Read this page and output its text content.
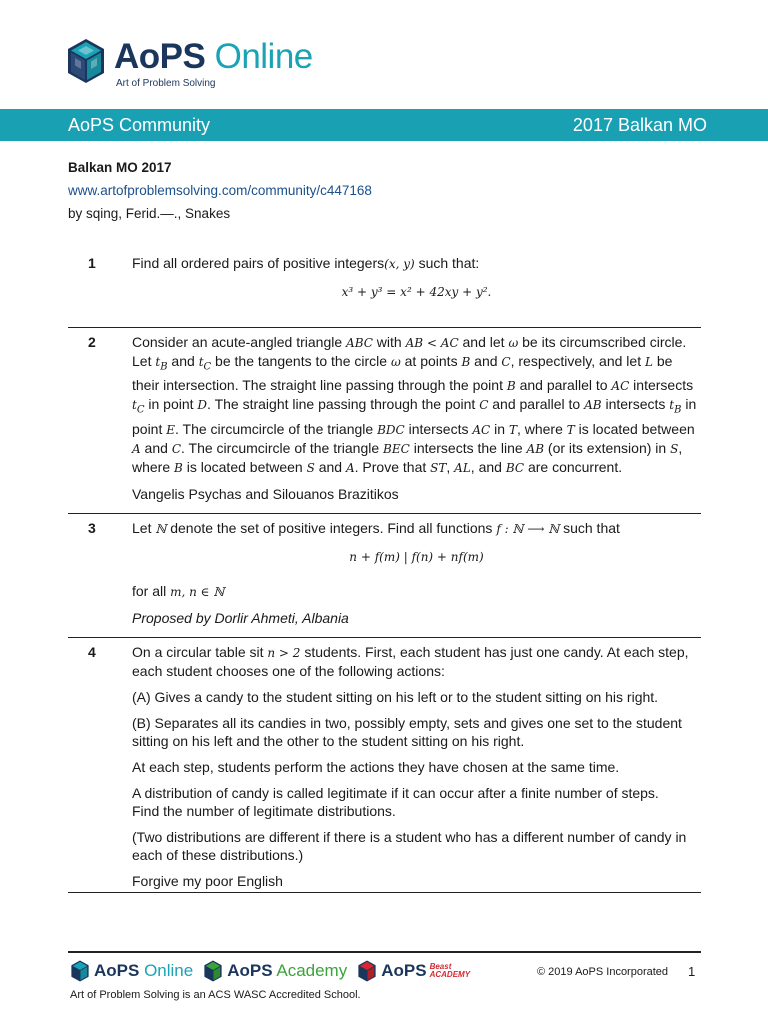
AoPS Online
Art of Problem Solving
AoPS Community	2017 Balkan MO
Balkan MO 2017
www.artofproblemsolving.com/community/c447168
by sqing, Ferid.—., Snakes
1	Find all ordered pairs of positive integers(x, y) such that:

x³ + y³ = x² + 42xy + y².
2	Consider an acute-angled triangle ABC with AB < AC and let ω be its circumscribed circle. Let $t_B$ and $t_C$ be the tangents to the circle ω at points B and C, respectively, and let L be their intersection. The straight line passing through the point B and parallel to AC intersects $t_C$ in point D. The straight line passing through the point C and parallel to AB intersects $t_B$ in point E. The circumcircle of the triangle BDC intersects AC in T, where T is located between A and C. The circumcircle of the triangle BEC intersects the line AB (or its extension) in S, where B is located between S and A. Prove that ST, AL, and BC are concurrent.

Vangelis Psychas and Silouanos Brazitikos

3	Let ℕ denote the set of positive integers. Find all functions f : ℕ ⟶ ℕ such that

n + f(m) | f(n) + nf(m)

for all m, n ∈ ℕ

Proposed by Dorlir Ahmeti, Albania

4	On a circular table sit n > 2 students. First, each student has just one candy. At each step, each student chooses one of the following actions:

(A) Gives a candy to the student sitting on his left or to the student sitting on his right.

(B) Separates all its candies in two, possibly empty, sets and gives one set to the student sitting on his left and the other to the student sitting on his right.

At each step, students perform the actions they have chosen at the same time.

A distribution of candy is called legitimate if it can occur after a finite number of steps.
Find the number of legitimate distributions.

(Two distributions are different if there is a student who has a different number of candy in each of these distributions.)

Forgive my poor English

AoPS Online AoPS Academy AoPS Beast
ACADEMY	© 2019 AoPS Incorporated 1
Art of Problem Solving is an ACS WASC Accredited School.
